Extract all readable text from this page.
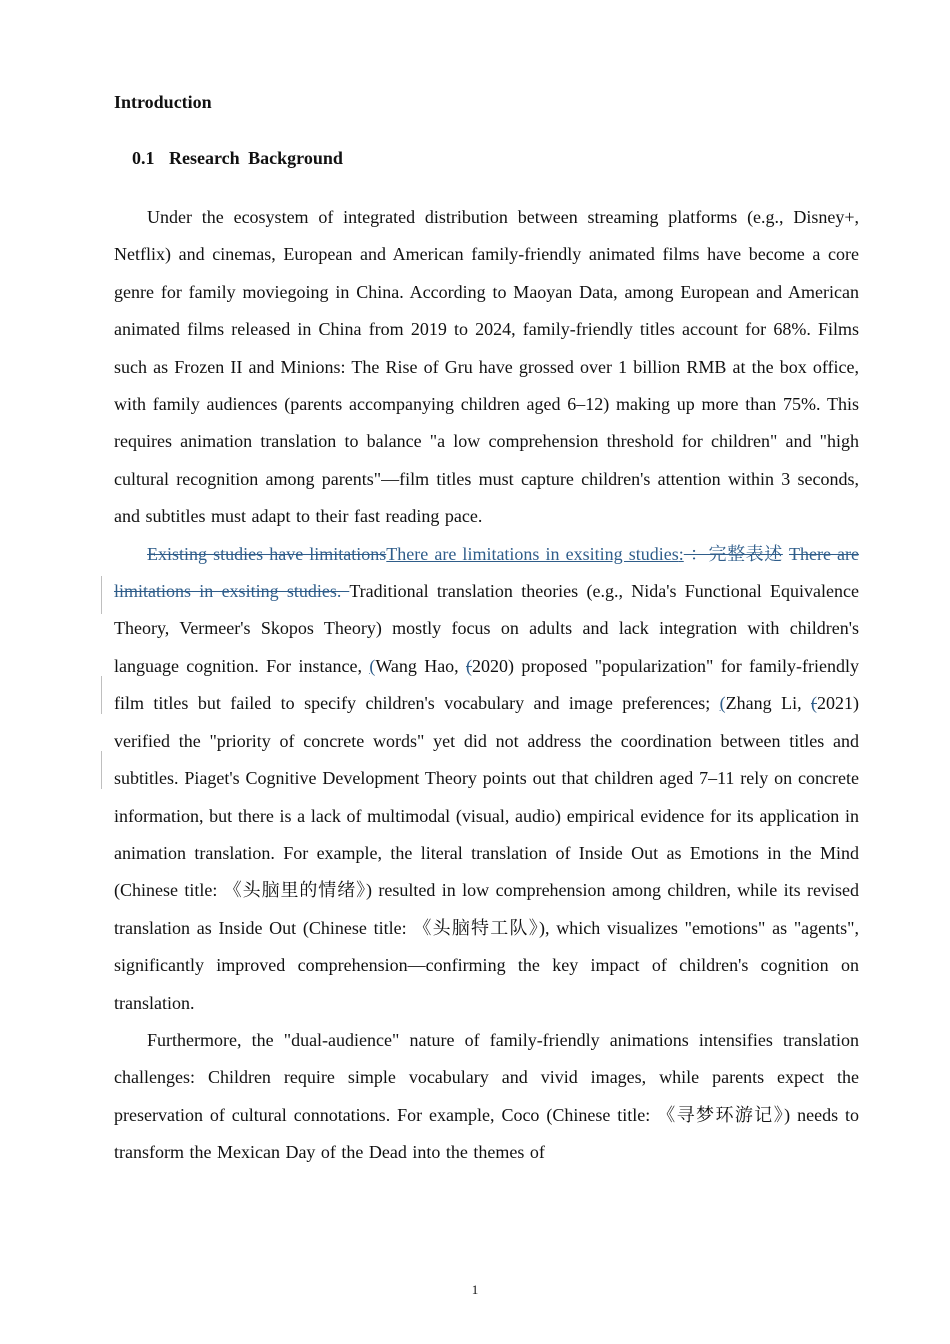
Introduction
0.1 Research Background

Under the ecosystem of integrated distribution between streaming platforms (e.g., Disney+, Netflix) and cinemas, European and American family-friendly animated films have become a core genre for family moviegoing in China. According to Maoyan Data, among European and American animated films released in China from 2019 to 2024, family-friendly titles account for 68%. Films such as Frozen II and Minions: The Rise of Gru have grossed over 1 billion RMB at the box office, with family audiences (parents accompanying children aged 6–12) making up more than 75%. This requires animation translation to balance "a low comprehension threshold for children" and "high cultural recognition among parents"—film titles must capture children's attention within 3 seconds, and subtitles must adapt to their fast reading pace.

Existing studies have limitationsThere are limitations in exsiting studies: ：完整表述 There are limitations in exsiting studies. Traditional translation theories (e.g., Nida's Functional Equivalence Theory, Vermeer's Skopos Theory) mostly focus on adults and lack integration with children's language cognition. For instance, (Wang Hao, (2020) proposed "popularization" for family-friendly film titles but failed to specify children's vocabulary and image preferences; (Zhang Li, (2021) verified the "priority of concrete words" yet did not address the coordination between titles and subtitles. Piaget's Cognitive Development Theory points out that children aged 7–11 rely on concrete information, but there is a lack of multimodal (visual, audio) empirical evidence for its application in animation translation. For example, the literal translation of Inside Out as Emotions in the Mind (Chinese title: 《头脑里的情绪》) resulted in low comprehension among children, while its revised translation as Inside Out (Chinese title: 《头脑特工队》), which visualizes "emotions" as "agents", significantly improved comprehension—confirming the key impact of children's cognition on translation.

Furthermore, the "dual-audience" nature of family-friendly animations intensifies translation challenges: Children require simple vocabulary and vivid images, while parents expect the preservation of cultural connotations. For example, Coco (Chinese title: 《寻梦环游记》) needs to transform the Mexican Day of the Dead into the themes of

1
